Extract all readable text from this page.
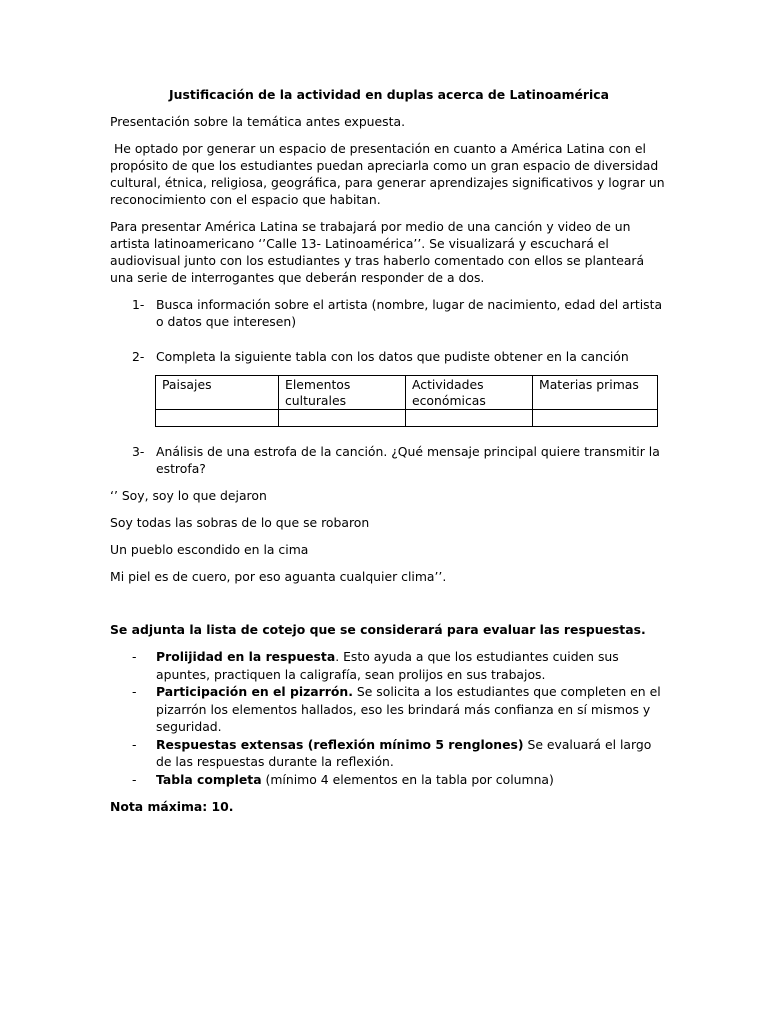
Justificación de la actividad en duplas acerca de Latinoamérica

Presentación sobre la temática antes expuesta.

He optado por generar un espacio de presentación en cuanto a América Latina con el propósito de que los estudiantes puedan apreciarla como un gran espacio de diversidad cultural, étnica, religiosa, geográfica, para generar aprendizajes significativos y lograr un reconocimiento con el espacio que habitan.

Para presentar América Latina se trabajará por medio de una canción y video de un artista latinoamericano ‘’Calle 13- Latinoamérica’’. Se visualizará y escuchará el audiovisual junto con los estudiantes y tras haberlo comentado con ellos se planteará una serie de interrogantes que deberán responder de a dos.

1- Busca información sobre el artista (nombre, lugar de nacimiento, edad del artista o datos que interesen)
2- Completa la siguiente tabla con los datos que pudiste obtener en la canción
Paisajes	Elementos culturales	Actividades económicas	Materias primas

3- Análisis de una estrofa de la canción. ¿Qué mensaje principal quiere transmitir la estrofa?

‘’ Soy, soy lo que dejaron

Soy todas las sobras de lo que se robaron

Un pueblo escondido en la cima

Mi piel es de cuero, por eso aguanta cualquier clima’’.

Se adjunta la lista de cotejo que se considerará para evaluar las respuestas.
- Prolijidad en la respuesta. Esto ayuda a que los estudiantes cuiden sus apuntes, practiquen la caligrafía, sean prolijos en sus trabajos.
- Participación en el pizarrón. Se solicita a los estudiantes que completen en el pizarrón los elementos hallados, eso les brindará más confianza en sí mismos y seguridad.
- Respuestas extensas (reflexión mínimo 5 renglones) Se evaluará el largo de las respuestas durante la reflexión.
- Tabla completa (mínimo 4 elementos en la tabla por columna)
Nota máxima: 10.
